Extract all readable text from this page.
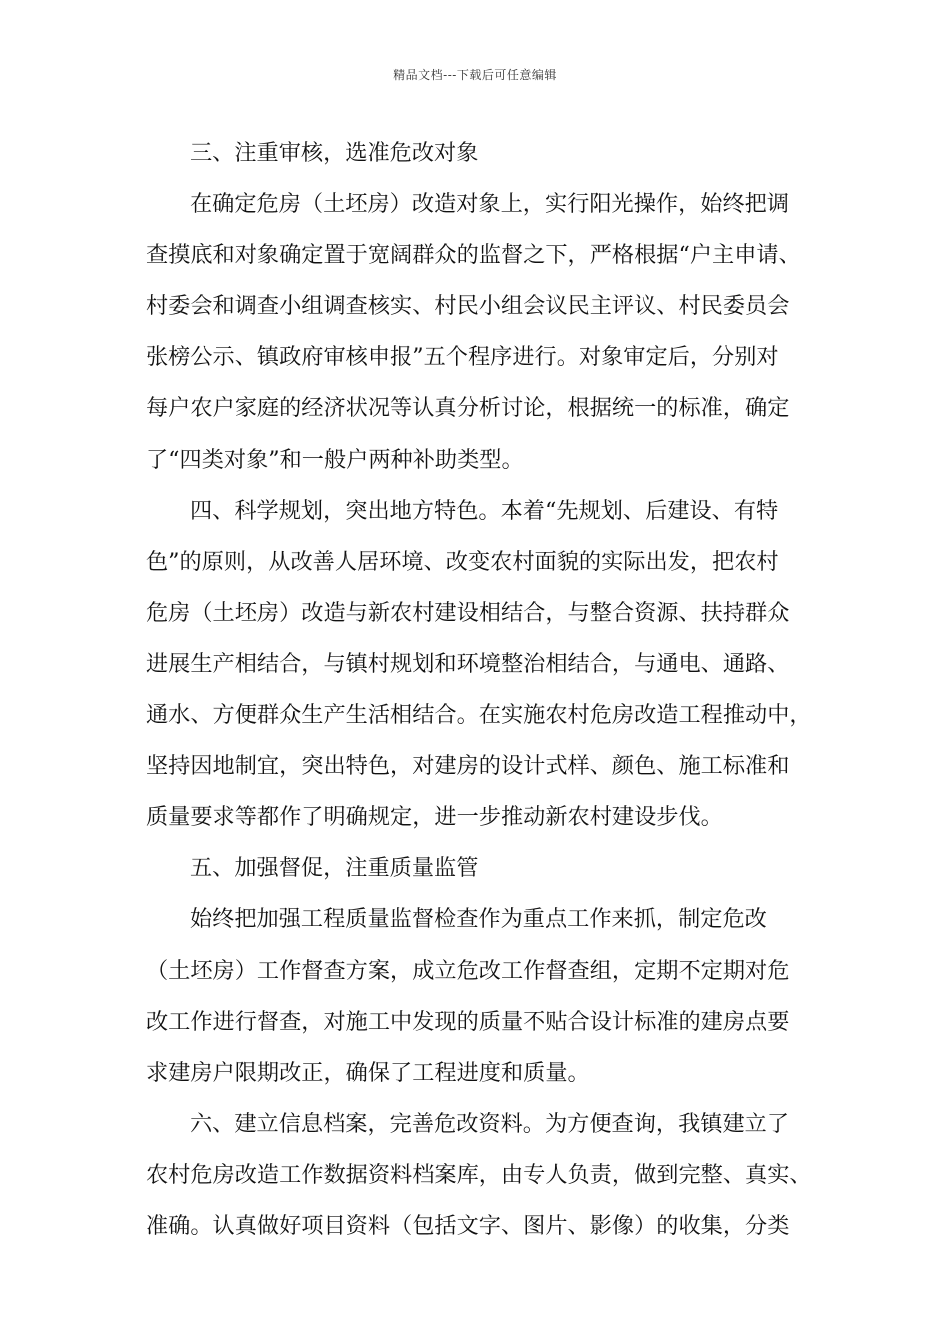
精品文档---下载后可任意编辑
三、注重审核，选准危改对象
在确定危房（土坯房）改造对象上，实行阳光操作，始终把调
查摸底和对象确定置于宽阔群众的监督之下，严格根据“户主申请、
村委会和调查小组调查核实、村民小组会议民主评议、村民委员会
张榜公示、镇政府审核申报”五个程序进行。对象审定后，分别对
每户农户家庭的经济状况等认真分析讨论，根据统一的标准，确定
了“四类对象”和一般户两种补助类型。
四、科学规划，突出地方特色。本着“先规划、后建设、有特
色”的原则，从改善人居环境、改变农村面貌的实际出发，把农村
危房（土坯房）改造与新农村建设相结合，与整合资源、扶持群众
进展生产相结合，与镇村规划和环境整治相结合，与通电、通路、
通水、方便群众生产生活相结合。在实施农村危房改造工程推动中，
坚持因地制宜，突出特色，对建房的设计式样、颜色、施工标准和
质量要求等都作了明确规定，进一步推动新农村建设步伐。
五、加强督促，注重质量监管
始终把加强工程质量监督检查作为重点工作来抓，制定危改
（土坯房）工作督查方案，成立危改工作督查组，定期不定期对危
改工作进行督查，对施工中发现的质量不贴合设计标准的建房点要
求建房户限期改正，确保了工程进度和质量。
六、建立信息档案，完善危改资料。为方便查询，我镇建立了
农村危房改造工作数据资料档案库，由专人负责，做到完整、真实、
准确。认真做好项目资料（包括文字、图片、影像）的收集，分类
